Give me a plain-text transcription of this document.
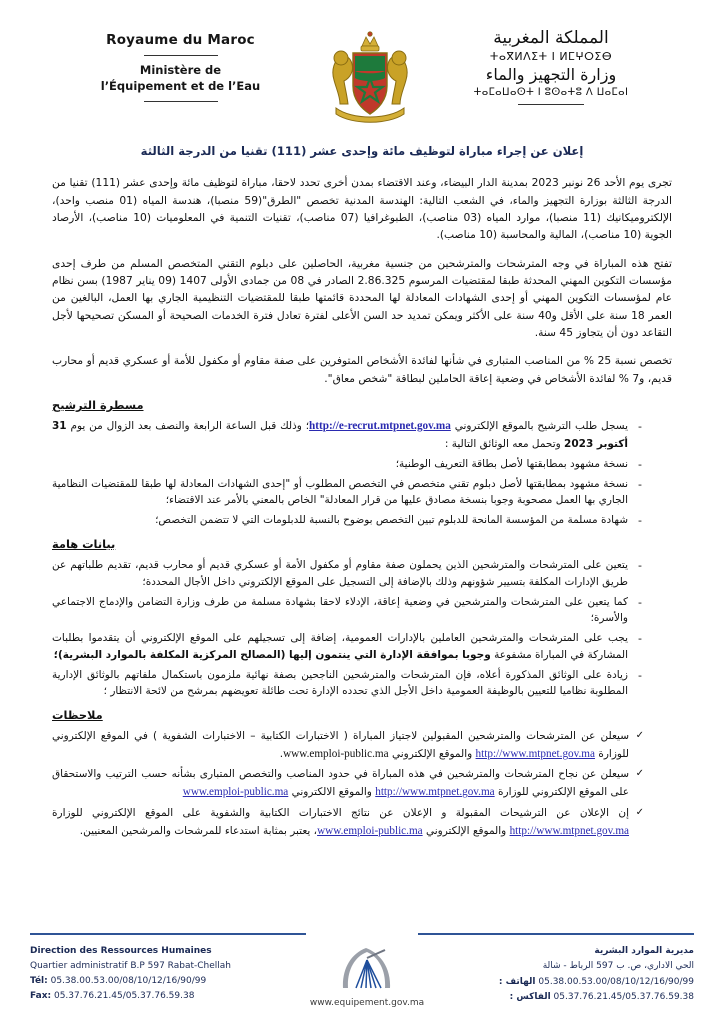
Royaume du Maroc
Ministère de
l’Équipement et de l’Eau
المملكة المغربية
ⵜⴰⴳⵍⴷⵉⵜ ⵏ ⵍⵎⵖⵔⵉⴱ
وزارة التجهيز والماء
ⵜⴰⵎⴰⵡⴰⵙⵜ ⵏ ⵓⵙⴰⵜⵓ ⴷ ⵡⴰⵎⴰⵏ
إعلان عن إجراء مباراة لتوظيف مائة وإحدى عشر (111) تقنيا من الدرجة الثالثة

تجرى يوم الأحد 26 نونبر 2023 بمدينة الدار البيضاء، وعند الاقتضاء بمدن أخرى تحدد لاحقا، مباراة لتوظيف مائة وإحدى عشر (111) تقنيا من الدرجة الثالثة بوزارة التجهيز والماء، في الشعب التالية: الهندسة المدنية تخصص "الطرق"(59 منصبا)، هندسة المياه (01 منصب واحد)، الإلكتروميكانيك (11 منصبا)، موارد المياه (03 مناصب)، الطبوغرافيا (07 مناصب)، تقنيات التنمية في المعلوميات (10 مناصب)، الأرصاد الجوية (10 مناصب)، المالية والمحاسبة (10 مناصب).

تفتح هذه المباراة في وجه المترشحات والمترشحين من جنسية مغربية، الحاصلين على دبلوم التقني المتخصص المسلم من طرف إحدى مؤسسات التكوين المهني المحدثة طبقا لمقتضيات المرسوم 2.86.325 الصادر في 08 من جمادى الأولى 1407 (09 يناير 1987) بسن نظام عام لمؤسسات التكوين المهني أو إحدى الشهادات المعادلة لها المحددة قائمتها طبقا للمقتضيات التنظيمية الجاري بها العمل، البالغين من العمر 18 سنة على الأقل و40 سنة على الأكثر ويمكن تمديد حد السن الأعلى لفترة تعادل فترة الخدمات الصحيحة أو المسكن تصحيحها لأجل التقاعد دون أن يتجاوز 45 سنة.

تخصص نسبة 25 % من المناصب المتبارى في شأنها لفائدة الأشخاص المتوفرين على صفة مقاوم أو مكفول للأمة أو عسكري قديم أو محارب قديم، و7 % لفائدة الأشخاص في وضعية إعاقة الحاملين لبطاقة "شخص معاق".

مسطرة الترشيح
- يسجل طلب الترشيح بالموقع الإلكتروني http://e-recrut.mtpnet.gov.ma؛ وذلك قبل الساعة الرابعة والنصف بعد الزوال من يوم 31 أكتوبر 2023 وتحمل معه الوثائق التالية :
- نسخة مشهود بمطابقتها لأصل بطاقة التعريف الوطنية؛
- نسخة مشهود بمطابقتها لأصل دبلوم تقني متخصص في التخصص المطلوب أو "إحدى الشهادات المعادلة لها طبقا للمقتضيات النظامية الجاري بها العمل مصحوبة وجوبا بنسخة مصادق عليها من قرار المعادلة" الخاص بالمعني بالأمر عند الاقتضاء؛
- شهادة مسلمة من المؤسسة المانحة للدبلوم تبين التخصص بوضوح بالنسبة للدبلومات التي لا تتضمن التخصص؛
بيانات هامة
- يتعين على المترشحات والمترشحين الذين يحملون صفة مقاوم أو مكفول الأمة أو عسكري قديم أو محارب قديم، تقديم طلباتهم عن طريق الإدارات المكلفة بتسيير شؤونهم وذلك بالإضافة إلى التسجيل على الموقع الإلكتروني داخل الأجال المحددة؛
- كما يتعين على المترشحات والمترشحين في وضعية إعاقة، الإدلاء لاحقا بشهادة مسلمة من طرف وزارة التضامن والإدماج الاجتماعي والأسرة؛
- يجب على المترشحات والمترشحين العاملين بالإدارات العمومية، إضافة إلى تسجيلهم على الموقع الإلكتروني أن يتقدموا بطلبات المشاركة في المباراة مشفوعة وجوبا بموافقة الإدارة التي ينتمون إليها (المصالح المركزية المكلفة بالموارد البشرية)؛
- زيادة على الوثائق المذكورة أعلاه، فإن المترشحات والمترشحين الناجحين بصفة نهائية ملزمون باستكمال ملفاتهم بالوثائق الإدارية المطلوبة نظاميا للتعيين بالوظيفة العمومية داخل الأجل الذي تحدده الإدارة تحت طائلة تعويضهم بمرشح من لائحة الانتظار ؛
ملاحظات
✓ سيعلن عن المترشحات والمترشحين المقبولين لاجتياز المباراة ( الاختبارات الكتابية – الاختبارات الشفوية ) في الموقع الإلكتروني للوزارة http://www.mtpnet.gov.ma والموقع الإلكتروني www.emploi-public.ma.
✓ سيعلن عن نجاح المترشحات والمترشحين في هذه المباراة في حدود المناصب والتخصص المتبارى بشأنه حسب الترتيب والاستحقاق على الموقع الإلكتروني للوزارة http://www.mtpnet.gov.ma والموقع الالكتروني www.emploi-public.ma
✓ إن الإعلان عن الترشيحات المقبولة و الإعلان عن نتائج الاختبارات الكتابية والشفوية على الموقع الإلكتروني للوزارة http://www.mtpnet.gov.ma والموقع الإلكتروني www.emploi-public.ma، يعتبر بمثابة استدعاء للمرشحات والمرشحين المعنيين.
Direction des Ressources Humaines
Quartier administratif B.P 597 Rabat-Chellah
Tél: 05.38.00.53.00/08/10/12/16/90/99
Fax: 05.37.76.21.45/05.37.76.59.38
www.equipement.gov.ma
مديرية الموارد البشرية
الحي الاداري، ص. ب 597 الرباط - شالة
05.38.00.53.00/08/10/12/16/90/99 الهاتف :
05.37.76.21.45/05.37.76.59.38 الفاكس :
